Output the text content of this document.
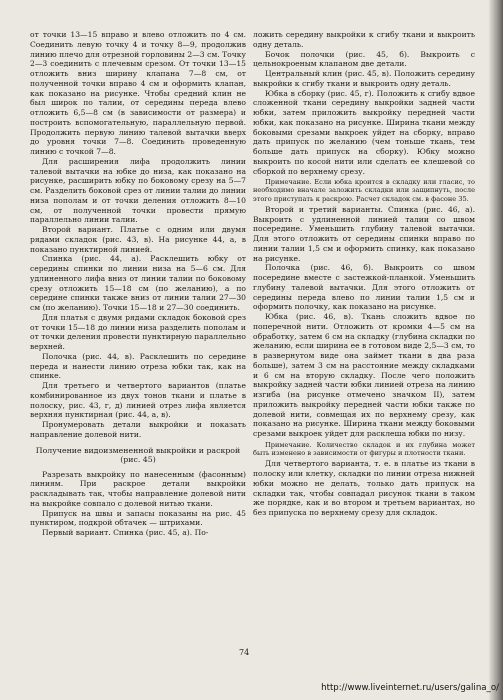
от точки 13—15 вправо и влево отложить по 4 см. Соединить левую точку 4 и точку 8—9, продолжив линию плечо для отрезной горловины 2—3 см. Точку 2—3 соединить с плечевым срезом. От точки 13—15 отложить вниз ширину клапана 7—8 см, от полученной точки вправо 4 см и оформить клапан, как показано на рисунке. Чтобы средний клин не был широк по талии, от середины переда влево отложить 6,5—8 см (в зависимости от размера) и построить вспомогательную, параллельную первой. Продолжить первую линию талевой вытачки вверх до уровня точки 7—8. Соединить проведенную линию с точкой 7—8.

Для расширения лифа продолжить линии талевой вытачки на юбке до низа, как показано на рисунке, расширить юбку по боковому срезу на 5—7 см. Разделить боковой срез от линии талии до линии низа пополам и от точки деления отложить 8—10 см, от полученной точки провести прямую параллельно линии талии.

Второй вариант. Платье с одним или двумя рядами складок (рис. 43, в). На рисунке 44, а, в показано пунктирной линией.

Спинка (рис. 44, а). Расклешить юбку от середины спинки по линии низа на 5—6 см. Для удлиненного лифа вниз от линии талии по боковому срезу отложить 15—18 см (по желанию), а по середине спинки также вниз от линии талии 27—30 см (по желанию). Точки 15—18 и 27—30 соединить.

Для платья с двумя рядами складок боковой срез от точки 15—18 до линии низа разделить пополам и от точки деления провести пунктирную параллельно верхней.

Полочка (рис. 44, в). Расклешить по середине переда и нанести линию отреза юбки так, как на спинке.

Для третьего и четвертого вариантов (платье комбинированное из двух тонов ткани и платье в полоску, рис. 43, г, д) линией отрез лифа является верхняя пунктирная (рис. 44, а, в).

Пронумеровать детали выкройки и показать направление долевой нити.

Получение видоизмененной выкройки и раскрой (рис. 45)

Разрезать выкройку по нанесенным (фасонным) линиям. При раскрое детали выкройки раскладывать так, чтобы направление долевой нити на выкройке совпало с долевой нитью ткани.

Припуск на швы и запасы показаны на рис. 45 пунктиром, подкрой обтачек — штрихами.

Первый вариант. Спинка (рис. 45, а). По-

ложить середину выкройки к сгибу ткани и выкроить одну деталь.

Бочок полочки (рис. 45, б). Выкроить с цельнокроеным клапаном две детали.

Центральный клин (рис. 45, в). Положить середину выкройки к сгибу ткани и выкроить одну деталь.

Юбка в сборку (рис. 45, г). Положить к сгибу вдвое сложенной ткани середину выкройки задней части юбки, затем приложить выкройку передней части юбки, как показано на рисунке. Ширина ткани между боковыми срезами выкроек уйдет на сборку, вправо дать припуск по желанию (чем тоньше ткань, тем больше дать припуск на сборку). Юбку можно выкроить по косой нити или сделать ее клешевой со сборкой по верхнему срезу.

Примечание. Если юбка кроится в складку или гласис, то необходимо вначале заложить складки или защипнуть, после этого приступать к раскрою. Расчет складок см. в фасоне 35.

Второй и третий варианты. Спинка (рис. 46, а). Выкроить с удлиненной линией талии со швом посередине. Уменьшить глубину талевой вытачки. Для этого отложить от середины спинки вправо по линии талии 1,5 см и оформить спинку, как показано на рисунке.

Полочка (рис. 46, б). Выкроить со швом посередине вместе с застежкой-планкой. Уменьшить глубину талевой вытачки. Для этого отложить от середины переда влево по линии талии 1,5 см и оформить полочку, как показано на рисунке.

Юбка (рис. 46, в). Ткань сложить вдвое по поперечной нити. Отложить от кромки 4—5 см на обработку, затем 6 см на складку (глубина складки по желанию, если ширина ее в готовом виде 2,5—3 см, то в развернутом виде она займет ткани в два раза больше), затем 3 см на расстояние между складками и 6 см на вторую складку. После чего положить выкройку задней части юбки линией отреза на линию изгиба (на рисунке отмечено значком II), затем приложить выкройку передней части юбки также по долевой нити, совмещая их по верхнему срезу, как показано на рисунке. Ширина ткани между боковыми срезами выкроек уйдет для расклеша юбки по низу.

Примечание. Количество складок и их глубина может быть изменено в зависимости от фигуры и плотности ткани.

Для четвертого варианта, т. е. в платье из ткани в полоску или клетку, складки по линии отреза нижней юбки можно не делать, только дать припуск на складки так, чтобы совпадал рисунок ткани в таком же порядке, как и во втором и третьем вариантах, но без припуска по верхнему срезу для складок.

74
http://www.liveinternet.ru/users/galina_o/
